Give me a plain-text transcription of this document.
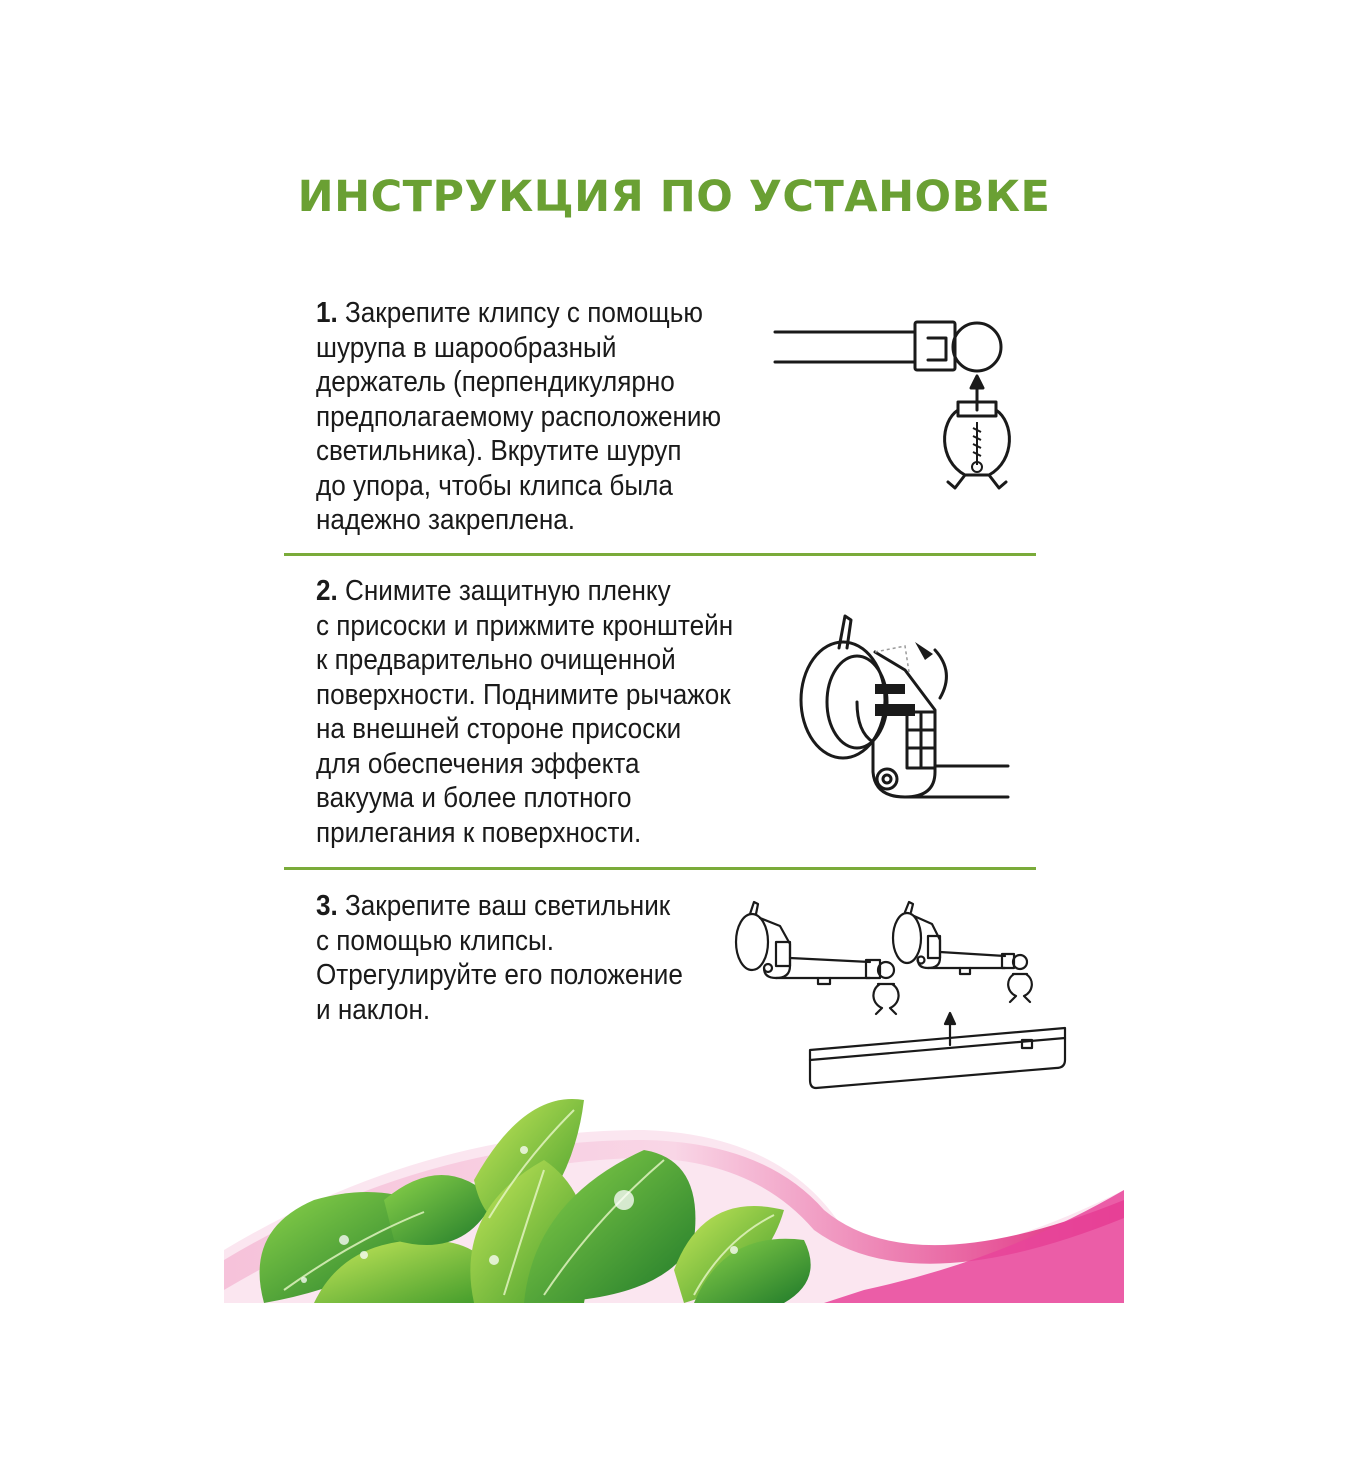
ИНСТРУКЦИЯ ПО УСТАНОВКЕ
1. Закрепите клипсу с помощью
шурупа в шарообразный
держатель (перпендикулярно
предполагаемому расположению
светильника). Вкрутите шуруп
до упора, чтобы клипса была
надежно закреплена.
2. Снимите защитную пленку
с присоски и прижмите кронштейн
к предварительно очищенной
поверхности. Поднимите рычажок
на внешней стороне присоски
для обеспечения эффекта
вакуума и более плотного
прилегания к поверхности.
3. Закрепите ваш светильник
с помощью клипсы.
Отрегулируйте его положение
и наклон.
